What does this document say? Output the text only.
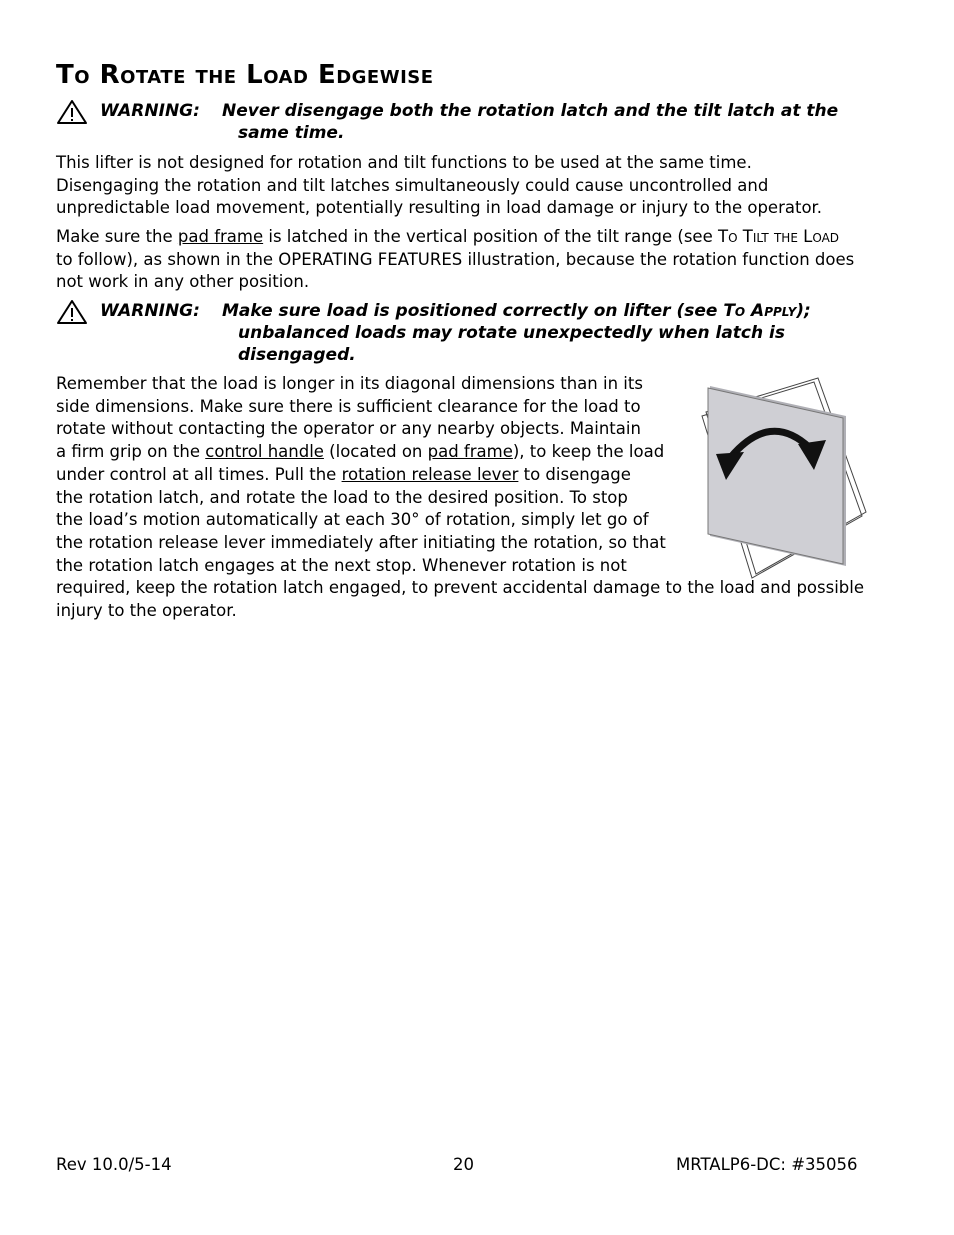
To Rotate the Load Edgewise
WARNING: Never disengage both the rotation latch and the tilt latch at the
same time.

This lifter is not designed for rotation and tilt functions to be used at the same time.
Disengaging the rotation and tilt latches simultaneously could cause uncontrolled and
unpredictable load movement, potentially resulting in load damage or injury to the operator.

Make sure the pad frame is latched in the vertical position of the tilt range (see To Tilt the Load
to follow), as shown in the OPERATING FEATURES illustration, because the rotation function does
not work in any other position.

WARNING: Make sure load is positioned correctly on lifter (see To Apply);
unbalanced loads may rotate unexpectedly when latch is
disengaged.

Remember that the load is longer in its diagonal dimensions than in its
side dimensions. Make sure there is sufficient clearance for the load to
rotate without contacting the operator or any nearby objects. Maintain
a firm grip on the control handle (located on pad frame), to keep the load
under control at all times. Pull the rotation release lever to disengage
the rotation latch, and rotate the load to the desired position. To stop
the load’s motion automatically at each 30° of rotation, simply let go of
the rotation release lever immediately after initiating the rotation, so that
the rotation latch engages at the next stop. Whenever rotation is not
required, keep the rotation latch engaged, to prevent accidental damage to the load and possible
injury to the operator.

Rev 10.0/5-14	20	MRTALP6-DC: #35056
